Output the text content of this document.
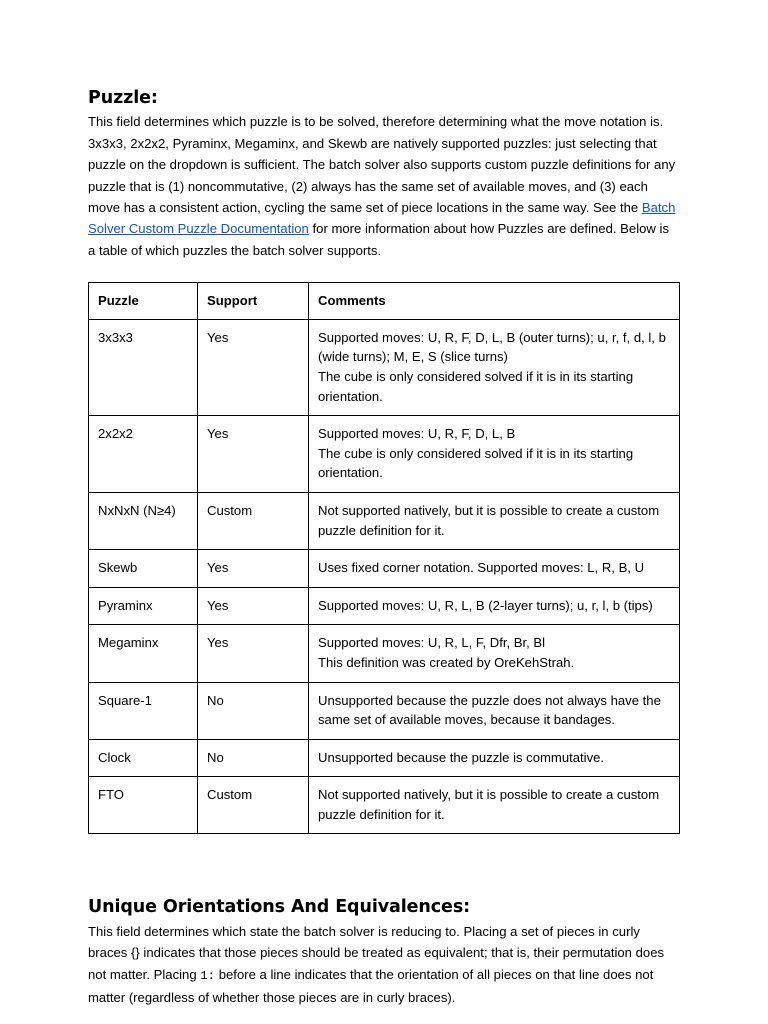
Puzzle:

This field determines which puzzle is to be solved, therefore determining what the move notation is. 3x3x3, 2x2x2, Pyraminx, Megaminx, and Skewb are natively supported puzzles: just selecting that puzzle on the dropdown is sufficient. The batch solver also supports custom puzzle definitions for any puzzle that is (1) noncommutative, (2) always has the same set of available moves, and (3) each move has a consistent action, cycling the same set of piece locations in the same way. See the Batch Solver Custom Puzzle Documentation for more information about how Puzzles are defined. Below is a table of which puzzles the batch solver supports.

Puzzle	Support	Comments
3x3x3	Yes	Supported moves: U, R, F, D, L, B (outer turns); u, r, f, d, l, b (wide turns); M, E, S (slice turns)
The cube is only considered solved if it is in its starting orientation.

2x2x2	Yes	Supported moves: U, R, F, D, L, B
The cube is only considered solved if it is in its starting orientation.

NxNxN (N≥4)	Custom	Not supported natively, but it is possible to create a custom puzzle definition for it.

Skewb	Yes	Uses fixed corner notation. Supported moves: L, R, B, U

Pyraminx	Yes	Supported moves: U, R, L, B (2-layer turns); u, r, l, b (tips)

Megaminx	Yes	Supported moves: U, R, L, F, Dfr, Br, Bl
This definition was created by OreKehStrah.

Square-1	No	Unsupported because the puzzle does not always have the same set of available moves, because it bandages.

Clock	No	Unsupported because the puzzle is commutative.

FTO	Custom	Not supported natively, but it is possible to create a custom puzzle definition for it.
Unique Orientations And Equivalences:

This field determines which state the batch solver is reducing to. Placing a set of pieces in curly braces {} indicates that those pieces should be treated as equivalent; that is, their permutation does not matter. Placing 1: before a line indicates that the orientation of all pieces on that line does not matter (regardless of whether those pieces are in curly braces).
